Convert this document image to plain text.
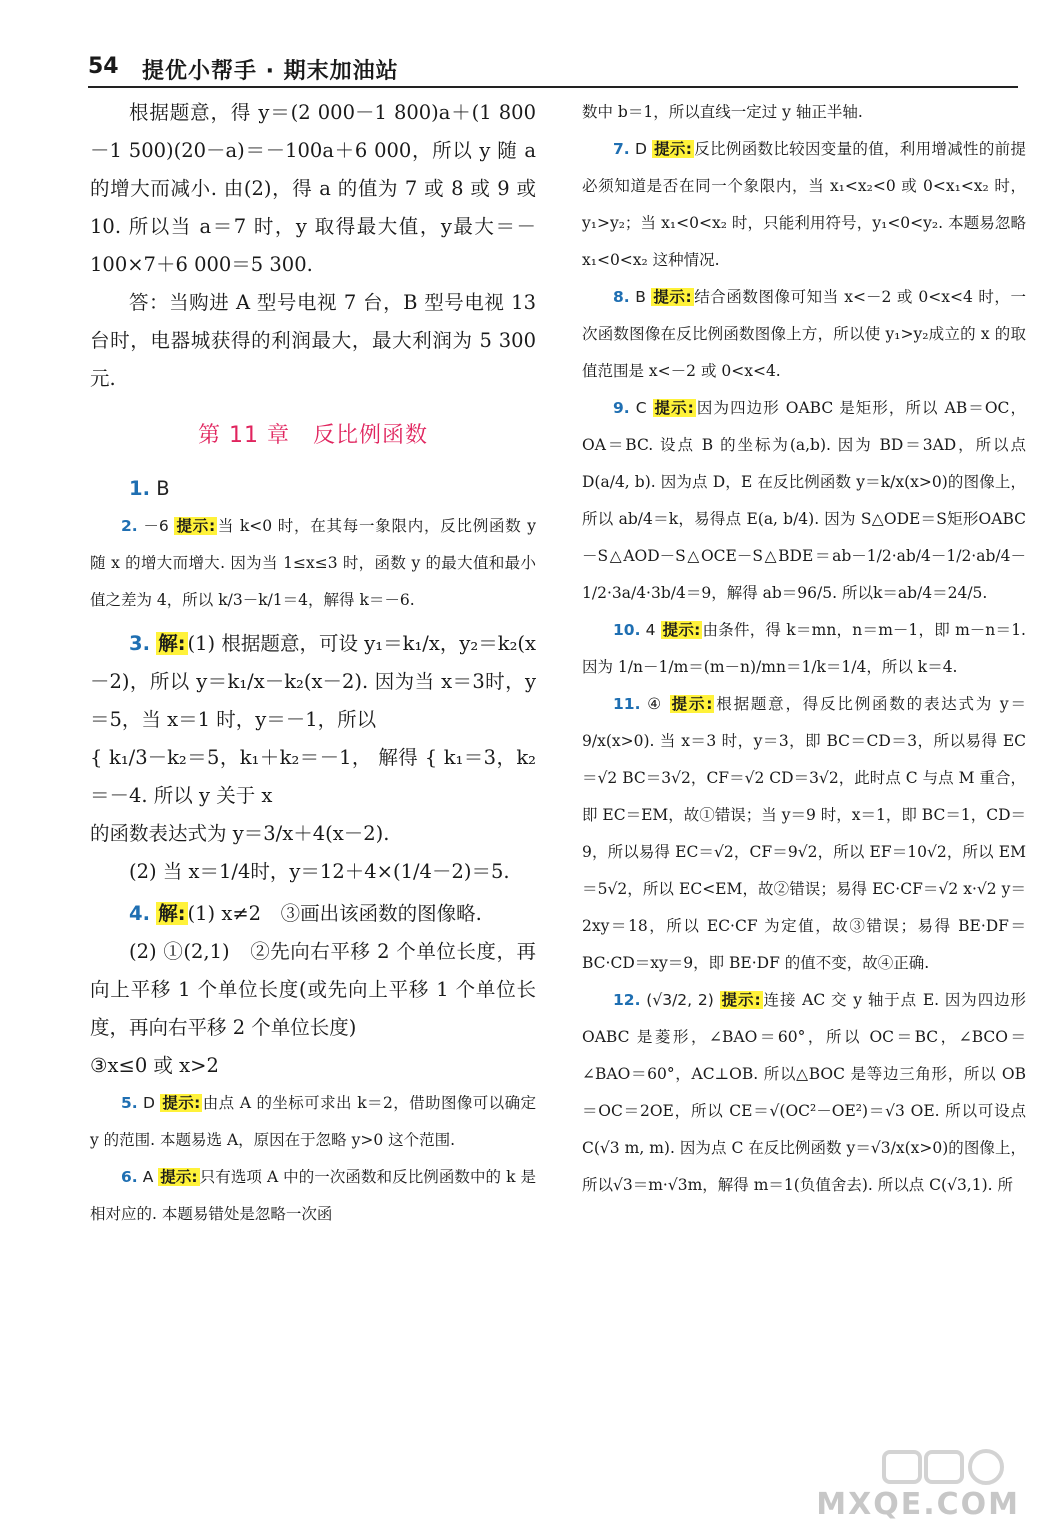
54 提优小帮手 · 期末加油站

根据题意，得 y＝(2 000－1 800)a＋(1 800－1 500)(20－a)＝－100a＋6 000，所以 y 随 a 的增大而减小. 由(2)，得 a 的值为 7 或 8 或 9 或 10. 所以当 a＝7 时，y 取得最大值，y最大＝－100×7＋6 000＝5 300.

答：当购进 A 型号电视 7 台，B 型号电视 13 台时，电器城获得的利润最大，最大利润为 5 300 元.

第 11 章　反比例函数

1. B

2. －6 提示: 当 k<0 时，在其每一象限内，反比例函数 y 随 x 的增大而增大. 因为当 1≤x≤3 时，函数 y 的最大值和最小值之差为 4，所以 k/3－k/1＝4，解得 k＝－6.

3. 解: (1) 根据题意，可设 y₁＝k₁/x，y₂＝k₂(x－2)，所以 y＝k₁/x－k₂(x－2). 因为当 x＝3时，y＝5，当 x＝1 时，y＝－1，所以

{ k₁/3－k₂＝5，k₁＋k₂＝－1， 解得 { k₁＝3，k₂＝－4. 所以 y 关于 x

的函数表达式为 y＝3/x＋4(x－2).

(2) 当 x＝1/4时，y＝12＋4×(1/4－2)＝5.

4. 解: (1) x≠2　③画出该函数的图像略.

(2) ①(2,1)　②先向右平移 2 个单位长度，再向上平移 1 个单位长度(或先向上平移 1 个单位长度，再向右平移 2 个单位长度)

③x≤0 或 x>2

5. D 提示: 由点 A 的坐标可求出 k＝2，借助图像可以确定 y 的范围. 本题易选 A，原因在于忽略 y>0 这个范围.

6. A 提示: 只有选项 A 中的一次函数和反比例函数中的 k 是相对应的. 本题易错处是忽略一次函

数中 b＝1，所以直线一定过 y 轴正半轴.

7. D 提示: 反比例函数比较因变量的值，利用增减性的前提必须知道是否在同一个象限内，当 x₁<x₂<0 或 0<x₁<x₂ 时，y₁>y₂；当 x₁<0<x₂ 时，只能利用符号，y₁<0<y₂. 本题易忽略 x₁<0<x₂ 这种情况.

8. B 提示: 结合函数图像可知当 x<－2 或 0<x<4 时，一次函数图像在反比例函数图像上方，所以使 y₁>y₂成立的 x 的取值范围是 x<－2 或 0<x<4.

9. C 提示: 因为四边形 OABC 是矩形，所以 AB＝OC，OA＝BC. 设点 B 的坐标为(a,b). 因为 BD＝3AD，所以点 D(a/4, b). 因为点 D，E 在反比例函数 y＝k/x(x>0)的图像上，所以 ab/4＝k，易得点 E(a, b/4). 因为 S△ODE＝S矩形OABC－S△AOD－S△OCE－S△BDE＝ab－1/2·ab/4－1/2·ab/4－1/2·3a/4·3b/4＝9，解得 ab＝96/5. 所以k＝ab/4＝24/5.

10. 4 提示: 由条件，得 k＝mn，n＝m－1，即 m－n＝1. 因为 1/n－1/m＝(m－n)/mn＝1/k＝1/4，所以 k＝4.

11. ④ 提示: 根据题意，得反比例函数的表达式为 y＝9/x(x>0). 当 x＝3 时，y＝3，即 BC＝CD＝3，所以易得 EC＝√2 BC＝3√2，CF＝√2 CD＝3√2，此时点 C 与点 M 重合，即 EC＝EM，故①错误；当 y＝9 时，x＝1，即 BC＝1，CD＝9，所以易得 EC＝√2，CF＝9√2，所以 EF＝10√2，所以 EM＝5√2，所以 EC<EM，故②错误；易得 EC·CF＝√2 x·√2 y＝2xy＝18，所以 EC·CF 为定值，故③错误；易得 BE·DF＝BC·CD＝xy＝9，即 BE·DF 的值不变，故④正确.

12. (√3/2, 2) 提示: 连接 AC 交 y 轴于点 E. 因为四边形 OABC 是菱形，∠BAO＝60°，所以 OC＝BC，∠BCO＝∠BAO＝60°，AC⊥OB. 所以△BOC 是等边三角形，所以 OB＝OC＝2OE，所以 CE＝√(OC²－OE²)＝√3 OE. 所以可设点 C(√3 m, m). 因为点 C 在反比例函数 y＝√3/x(x>0)的图像上，所以√3＝m·√3m，解得 m＝1(负值舍去). 所以点 C(√3,1). 所

MXQE.COM
